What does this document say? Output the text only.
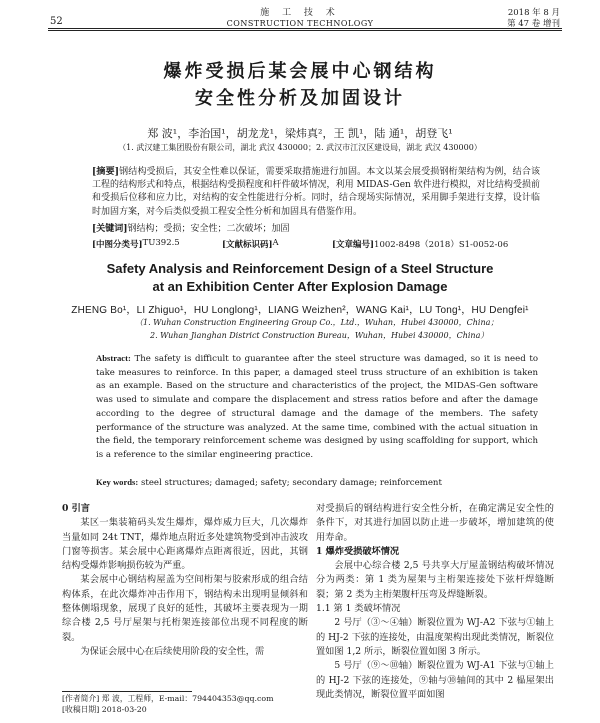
52
施 工 技 术
CONSTRUCTION TECHNOLOGY
2018 年 8 月
第 47 卷 增刊
爆炸受损后某会展中心钢结构
安全性分析及加固设计
郑 波¹，李治国¹，胡龙龙¹，梁炜真²，王 凯¹，陆 通¹，胡登飞¹
（1. 武汉建工集团股份有限公司，湖北 武汉 430000；2. 武汉市江汉区建设局，湖北 武汉 430000）
[摘要]钢结构受损后，其安全性难以保证，需要采取措施进行加固。本文以某会展受损钢桁架结构为例，结合该工程的结构形式和特点，根据结构受损程度和杆件破坏情况，利用 MIDAS-Gen 软件进行模拟，对比结构受损前和受损后位移和应力比，对结构的安全性能进行分析。同时，结合现场实际情况，采用脚手架进行支撑，设计临时加固方案，对今后类似受损工程安全性分析和加固具有借鉴作用。
[关键词]钢结构；受损；安全性；二次破坏；加固
[中图分类号] TU392.5	[文献标识码] A	[文章编号] 1002-8498（2018）S1-0052-06
Safety Analysis and Reinforcement Design of a Steel Structure
at an Exhibition Center After Explosion Damage
ZHENG Bo¹，LI Zhiguo¹，HU Longlong¹，LIANG Weizhen²，WANG Kai¹，LU Tong¹，HU Dengfei¹
（1. Wuhan Construction Engineering Group Co.，Ltd.，Wuhan，Hubei 430000，China；
2. Wuhan Jianghan District Construction Bureau，Wuhan，Hubei 430000，China）
Abstract: The safety is difficult to guarantee after the steel structure was damaged, so it is need to take measures to reinforce. In this paper, a damaged steel truss structure of an exhibition is taken as an example. Based on the structure and characteristics of the project, the MIDAS-Gen software was used to simulate and compare the displacement and stress ratios before and after the damage according to the degree of structural damage and the damage of the members. The safety performance of the structure was analyzed. At the same time, combined with the actual situation in the field, the temporary reinforcement scheme was designed by using scaffolding for support, which is a reference to the similar engineering practice.
Key words: steel structures; damaged; safety; secondary damage; reinforcement

0 引言

某区一集装箱码头发生爆炸，爆炸威力巨大，几次爆炸当量如同 24t TNT，爆炸地点附近多处建筑物受到冲击波攻门窗等损害。某会展中心距离爆炸点距离很近，因此，其钢结构受爆炸影响损伤较为严重。

某会展中心钢结构屋盖为空间桁架与胶索形成的组合结构体系，在此次爆炸冲击作用下，钢结构未出现明显倾斜和整体侧塌现象，展现了良好的延性，其破坏主要表现为一期综合楼 2,5 号厅屋架与托桁架连接部位出现不同程度的断裂。

为保证会展中心在后续使用阶段的安全性，需

对受损后的钢结构进行安全性分析，在确定满足安全性的条件下，对其进行加固以防止进一步破坏，增加建筑的使用寿命。

1 爆炸受损破坏情况

会展中心综合楼 2,5 号共享大厅屋盖钢结构破坏情况分为两类：第 1 类为屋架与主桁架连接处下弦杆焊缝断裂；第 2 类为主桁架腹杆压弯及焊缝断裂。

1.1 第 1 类破坏情况

2 号厅（③～④轴）断裂位置为 WJ-A2 下弦与①轴上的 HJ-2 下弦的连接处，由温度架构出现此类情况，断裂位置如图 1,2 所示，断裂位置如图 3 所示。

5 号厅（⑨～⑩轴）断裂位置为 WJ-A1 下弦与①轴上的 HJ-2 下弦的连接处，⑨轴与⑩轴间的其中 2 榀屋架出现此类情况，断裂位置平面如图

[作者简介] 郑 波，工程师，E-mail：794404353@qq.com
[收稿日期] 2018-03-20
